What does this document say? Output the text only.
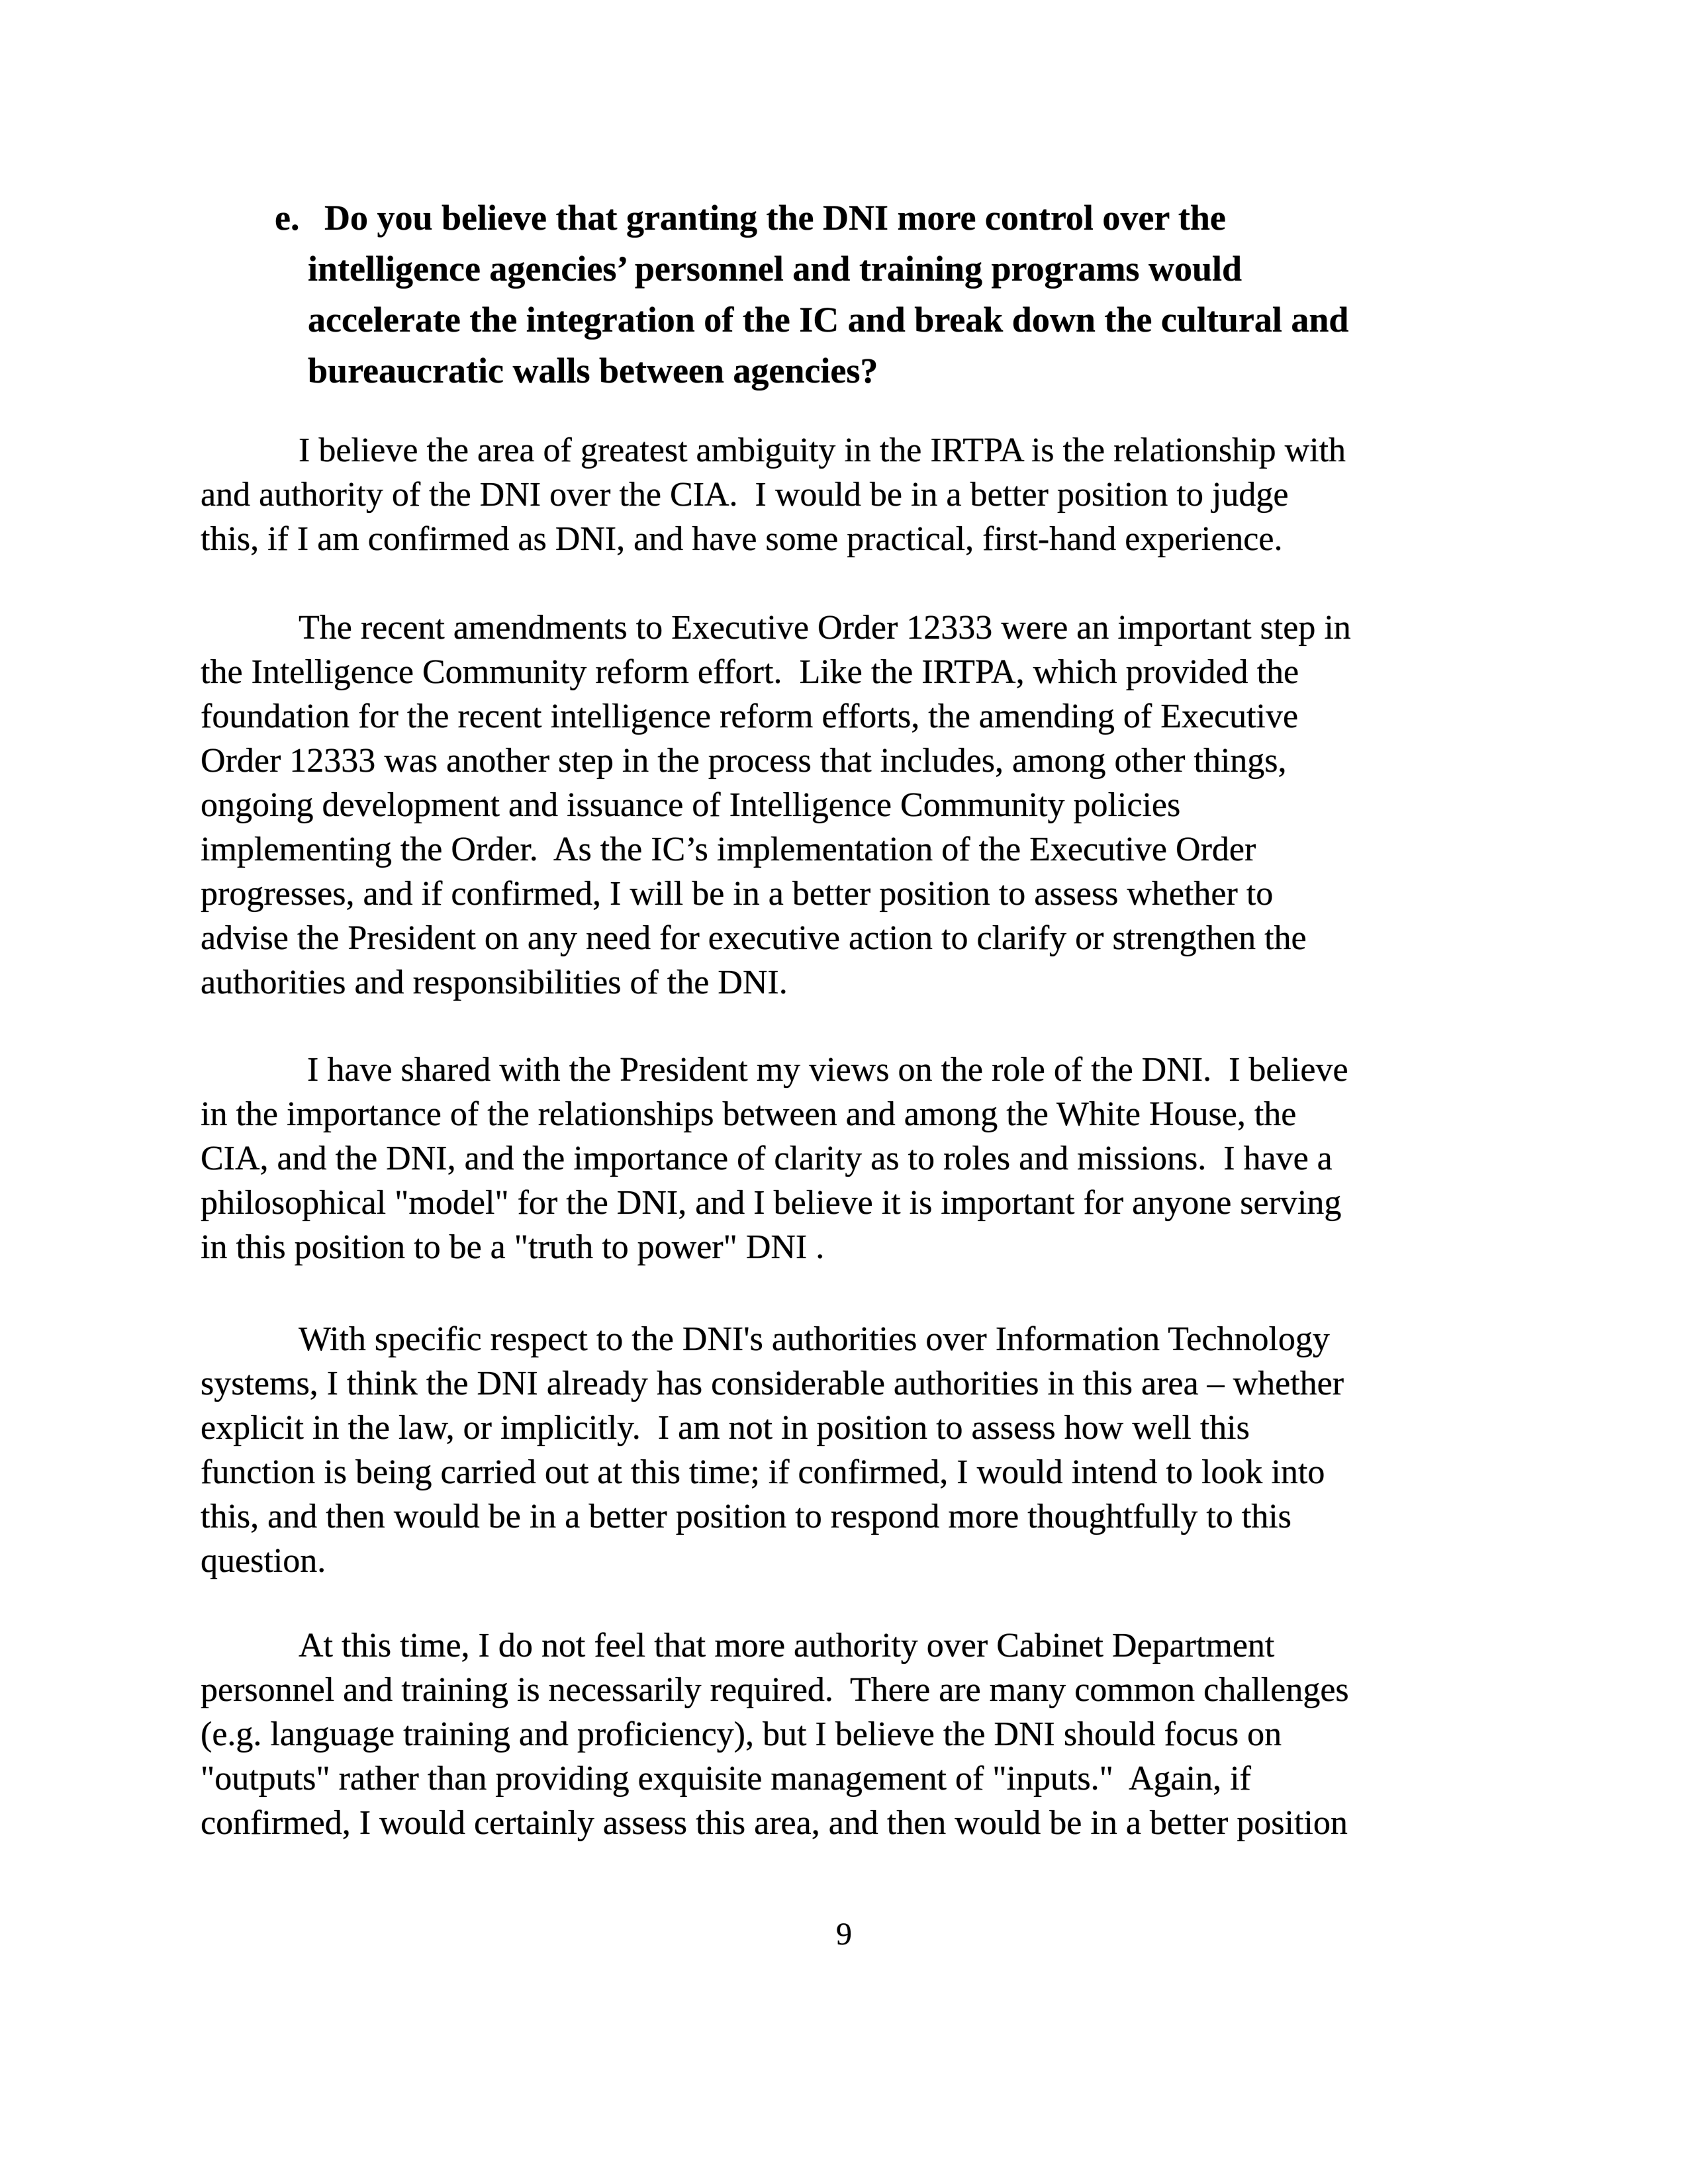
e. Do you believe that granting the DNI more control over the
intelligence agencies’ personnel and training programs would
accelerate the integration of the IC and break down the cultural and
bureaucratic walls between agencies?
I believe the area of greatest ambiguity in the IRTPA is the relationship with
and authority of the DNI over the CIA.  I would be in a better position to judge
this, if I am confirmed as DNI, and have some practical, first-hand experience.
The recent amendments to Executive Order 12333 were an important step in
the Intelligence Community reform effort.  Like the IRTPA, which provided the
foundation for the recent intelligence reform efforts, the amending of Executive
Order 12333 was another step in the process that includes, among other things,
ongoing development and issuance of Intelligence Community policies
implementing the Order.  As the IC’s implementation of the Executive Order
progresses, and if confirmed, I will be in a better position to assess whether to
advise the President on any need for executive action to clarify or strengthen the
authorities and responsibilities of the DNI.
I have shared with the President my views on the role of the DNI.  I believe
in the importance of the relationships between and among the White House, the
CIA, and the DNI, and the importance of clarity as to roles and missions.  I have a
philosophical "model" for the DNI, and I believe it is important for anyone serving
in this position to be a "truth to power" DNI .
With specific respect to the DNI's authorities over Information Technology
systems, I think the DNI already has considerable authorities in this area – whether
explicit in the law, or implicitly.  I am not in position to assess how well this
function is being carried out at this time; if confirmed, I would intend to look into
this, and then would be in a better position to respond more thoughtfully to this
question.
At this time, I do not feel that more authority over Cabinet Department
personnel and training is necessarily required.  There are many common challenges
(e.g. language training and proficiency), but I believe the DNI should focus on
"outputs" rather than providing exquisite management of "inputs."  Again, if
confirmed, I would certainly assess this area, and then would be in a better position
9
